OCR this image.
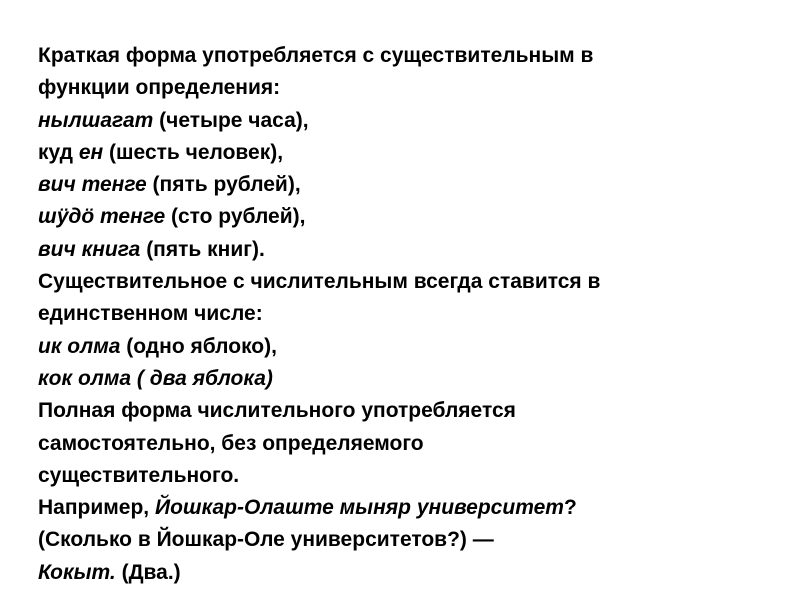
Краткая форма употребляется с существительным в
функции определения:
нылшагат (четыре часа),
куд ен (шесть человек),
вич тенге (пять рублей),
шÿдö тенге (сто рублей),
вич книга (пять книг).
Существительное с числительным всегда ставится в
единственном числе:
ик олма (одно яблоко),
кок олма ( два яблока)
Полная форма числительного употребляется
самостоятельно, без определяемого
существительного.
Например, Йошкар-Олаште мыняр университет?
(Сколько в Йошкар-Оле университетов?) —
Кокыт. (Два.)
